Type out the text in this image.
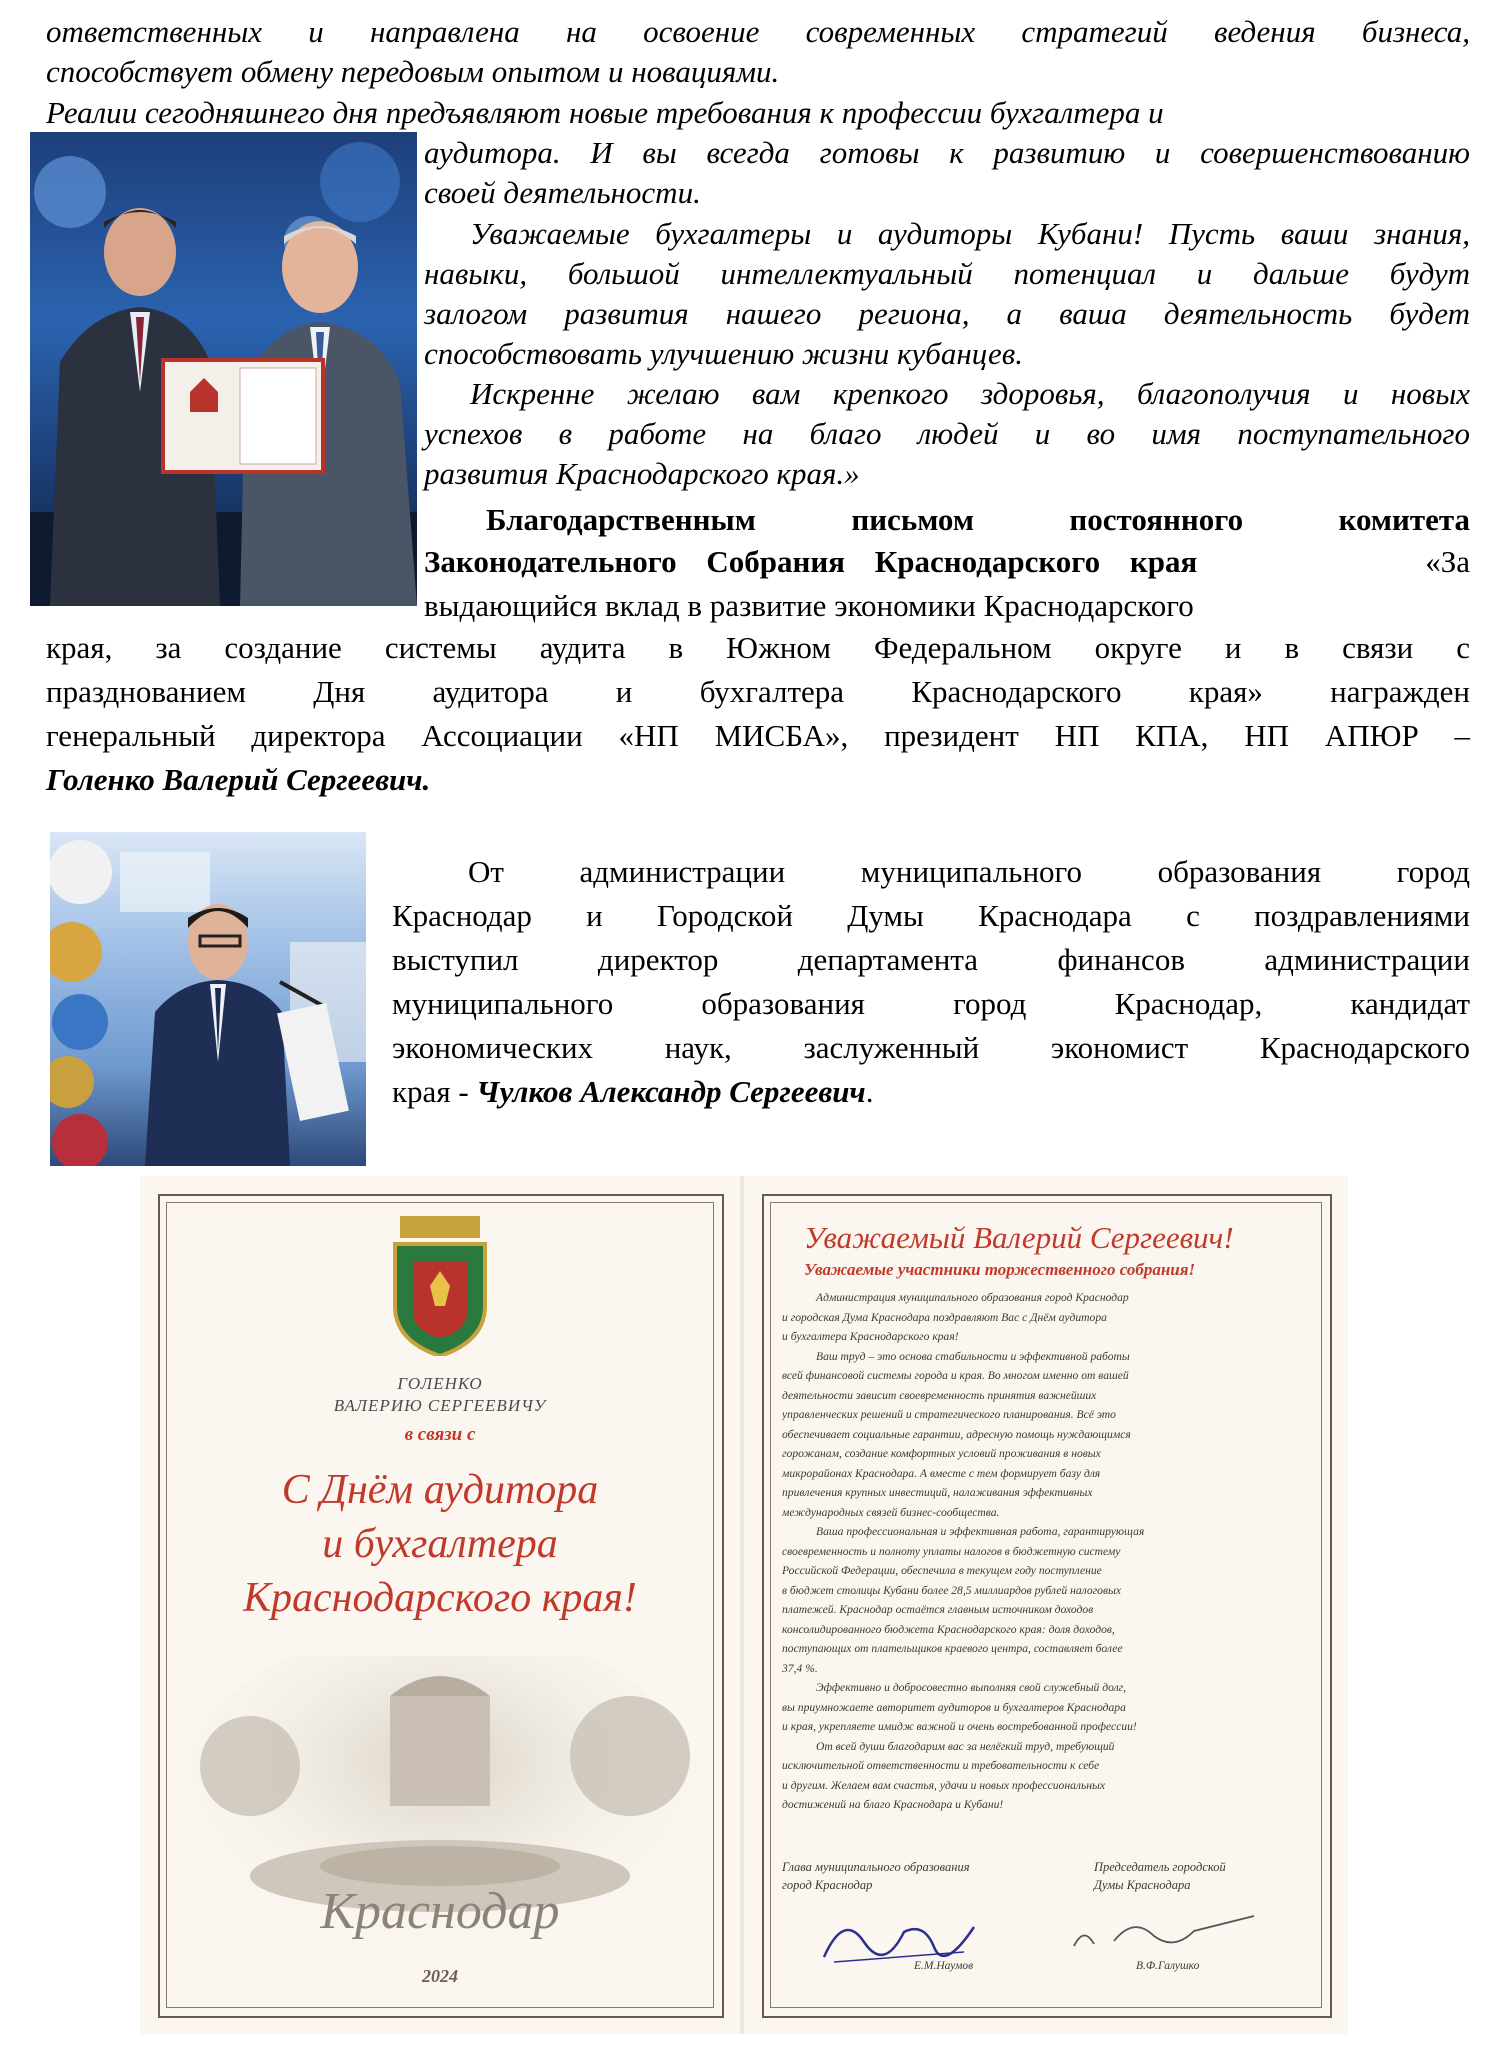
ответственных и направлена на освоение современных стратегий ведения бизнеса,
способствует обмену передовым опытом и новациями.
Реалии сегодняшнего дня предъявляют новые требования к профессии бухгалтера и
аудитора. И вы всегда готовы к развитию и совершенствованию
своей деятельности.
Уважаемые бухгалтеры и аудиторы Кубани! Пусть ваши знания,
навыки, большой интеллектуальный потенциал и дальше будут
залогом развития нашего региона, а ваша деятельность будет
способствовать улучшению жизни кубанцев.
Искренне желаю вам крепкого здоровья, благополучия и новых
успехов в работе на благо людей и во имя поступательного
развития Краснодарского края.»
Благодарственным письмом постоянного комитета
Законодательного Собрания Краснодарского края	«За
выдающийся вклад в развитие экономики Краснодарского
края, за создание системы аудита в Южном Федеральном округе и в связи с
празднованием Дня аудитора и бухгалтера Краснодарского края» награжден
генеральный директора Ассоциации «НП МИСБА», президент НП КПА, НП АПЮР –
Голенко Валерий Сергеевич.
От администрации муниципального образования город
Краснодар и Городской Думы Краснодара с поздравлениями
выступил директор департамента финансов администрации
муниципального образования город Краснодар, кандидат
экономических наук, заслуженный экономист Краснодарского
края - Чулков Александр Сергеевич.
ГОЛЕНКО
ВАЛЕРИЮ СЕРГЕЕВИЧУ
в связи с
С Днём аудитора
и бухгалтера
Краснодарского края!
Краснодар
2024
Уважаемый Валерий Сергеевич!
Уважаемые участники торжественного собрания!
Администрация муниципального образования город Краснодар
и городская Дума Краснодара поздравляют Вас с Днём аудитора
и бухгалтера Краснодарского края!
Ваш труд – это основа стабильности и эффективной работы
всей финансовой системы города и края. Во многом именно от вашей
деятельности зависит своевременность принятия важнейших
управленческих решений и стратегического планирования. Всё это
обеспечивает социальные гарантии, адресную помощь нуждающимся
горожанам, создание комфортных условий проживания в новых
микрорайонах Краснодара. А вместе с тем формирует базу для
привлечения крупных инвестиций, налаживания эффективных
международных связей бизнес-сообщества.
Ваша профессиональная и эффективная работа, гарантирующая
своевременность и полноту уплаты налогов в бюджетную систему
Российской Федерации, обеспечила в текущем году поступление
в бюджет столицы Кубани более 28,5 миллиардов рублей налоговых
платежей. Краснодар остаётся главным источником доходов
консолидированного бюджета Краснодарского края: доля доходов,
поступающих от плательщиков краевого центра, составляет более
37,4 %.
Эффективно и добросовестно выполняя свой служебный долг,
вы приумножаете авторитет аудиторов и бухгалтеров Краснодара
и края, укрепляете имидж важной и очень востребованной профессии!
От всей души благодарим вас за нелёгкий труд, требующий
исключительной ответственности и требовательности к себе
и другим. Желаем вам счастья, удачи и новых профессиональных
достижений на благо Краснодара и Кубани!
Глава муниципального образования
город Краснодар
Председатель городской
Думы Краснодара
Е.М.Наумов	В.Ф.Галушко
